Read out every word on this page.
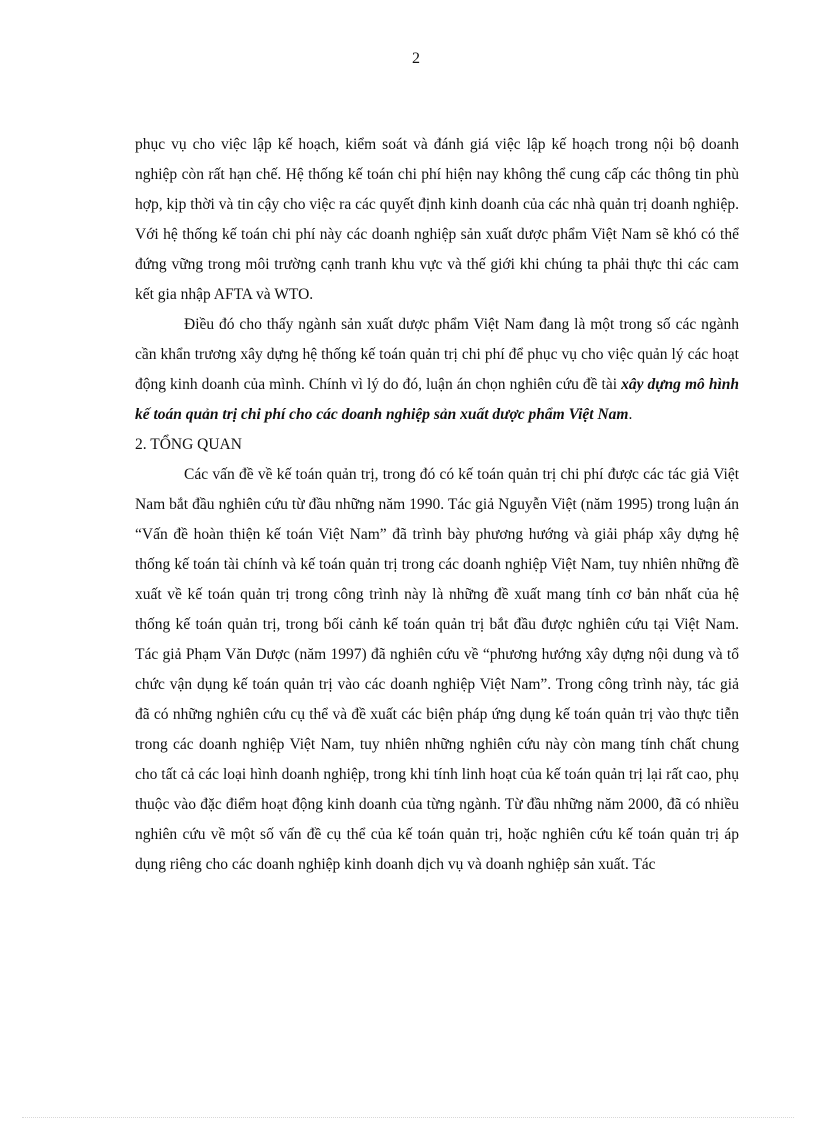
2

phục vụ cho việc lập kế hoạch, kiểm soát và đánh giá việc lập kế hoạch trong nội bộ doanh nghiệp còn rất hạn chế. Hệ thống kế toán chi phí hiện nay không thể cung cấp các thông tin phù hợp, kịp thời và tin cậy cho việc ra các quyết định kinh doanh của các nhà quản trị doanh nghiệp. Với hệ thống kế toán chi phí này các doanh nghiệp sản xuất dược phẩm Việt Nam sẽ khó có thể đứng vững trong môi trường cạnh tranh khu vực và thế giới khi chúng ta phải thực thi các cam kết gia nhập AFTA và WTO.

Điều đó cho thấy ngành sản xuất dược phẩm Việt Nam đang là một trong số các ngành cần khẩn trương xây dựng hệ thống kế toán quản trị chi phí để phục vụ cho việc quản lý các hoạt động kinh doanh của mình. Chính vì lý do đó, luận án chọn nghiên cứu đề tài xây dựng mô hình kế toán quản trị chi phí cho các doanh nghiệp sản xuất dược phẩm Việt Nam.

2. TỔNG QUAN

Các vấn đề về kế toán quản trị, trong đó có kế toán quản trị chi phí được các tác giả Việt Nam bắt đầu nghiên cứu từ đầu những năm 1990. Tác giả Nguyễn Việt (năm 1995) trong luận án “Vấn đề hoàn thiện kế toán Việt Nam” đã trình bày phương hướng và giải pháp xây dựng hệ thống kế toán tài chính và kế toán quản trị trong các doanh nghiệp Việt Nam, tuy nhiên những đề xuất về kế toán quản trị trong công trình này là những đề xuất mang tính cơ bản nhất của hệ thống kế toán quản trị, trong bối cảnh kế toán quản trị bắt đầu được nghiên cứu tại Việt Nam. Tác giả Phạm Văn Dược (năm 1997) đã nghiên cứu về “phương hướng xây dựng nội dung và tổ chức vận dụng kế toán quản trị vào các doanh nghiệp Việt Nam”. Trong công trình này, tác giả đã có những nghiên cứu cụ thể và đề xuất các biện pháp ứng dụng kế toán quản trị vào thực tiễn trong các doanh nghiệp Việt Nam, tuy nhiên những nghiên cứu này còn mang tính chất chung cho tất cả các loại hình doanh nghiệp, trong khi tính linh hoạt của kế toán quản trị lại rất cao, phụ thuộc vào đặc điểm hoạt động kinh doanh của từng ngành. Từ đầu những năm 2000, đã có nhiều nghiên cứu về một số vấn đề cụ thể của kế toán quản trị, hoặc nghiên cứu kế toán quản trị áp dụng riêng cho các doanh nghiệp kinh doanh dịch vụ và doanh nghiệp sản xuất. Tác
